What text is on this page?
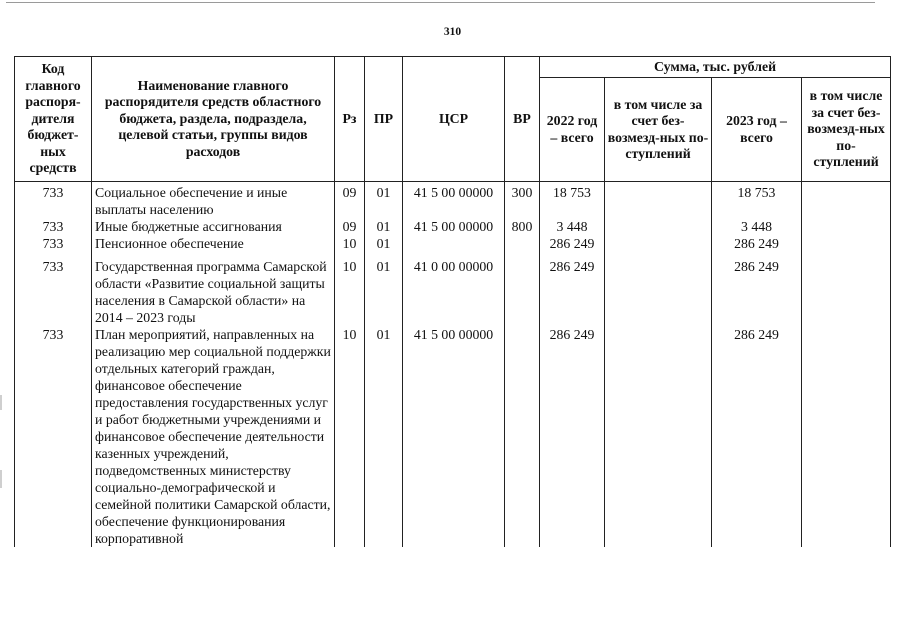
310
Код главного распоря-дителя бюджет-ных средств	Наименование главного распорядителя средств областного бюджета, раздела, подраздела, целевой статьи, группы видов расходов	Рз	ПР	ЦСР	ВР	Сумма, тыс. рублей			
						2022 год – всего	в том числе за счет без-возмезд-ных по-ступлений	2023 год – всего	в том числе за счет без-возмезд-ных по-ступлений
733	Социальное обеспечение и иные выплаты населению	09	01	41 5 00 00000	300	18 753		18 753	
733	Иные бюджетные ассигнования	09	01	41 5 00 00000	800	3 448		3 448	
733	Пенсионное обеспечение	10	01			286 249		286 249	
733	Государственная программа Самарской области «Развитие социальной защиты населения в Самарской области» на 2014 – 2023 годы	10	01	41 0 00 00000		286 249		286 249	
733	План мероприятий, направленных на реализацию мер социальной поддержки отдельных категорий граждан, финансовое обеспечение предоставления государственных услуг и работ бюджетными учреждениями и финансовое обеспечение деятельности казенных учреждений, подведомственных министерству социально-демографической и семейной политики Самарской области, обеспечение функционирования корпоративной	10	01	41 5 00 00000		286 249		286 249	
